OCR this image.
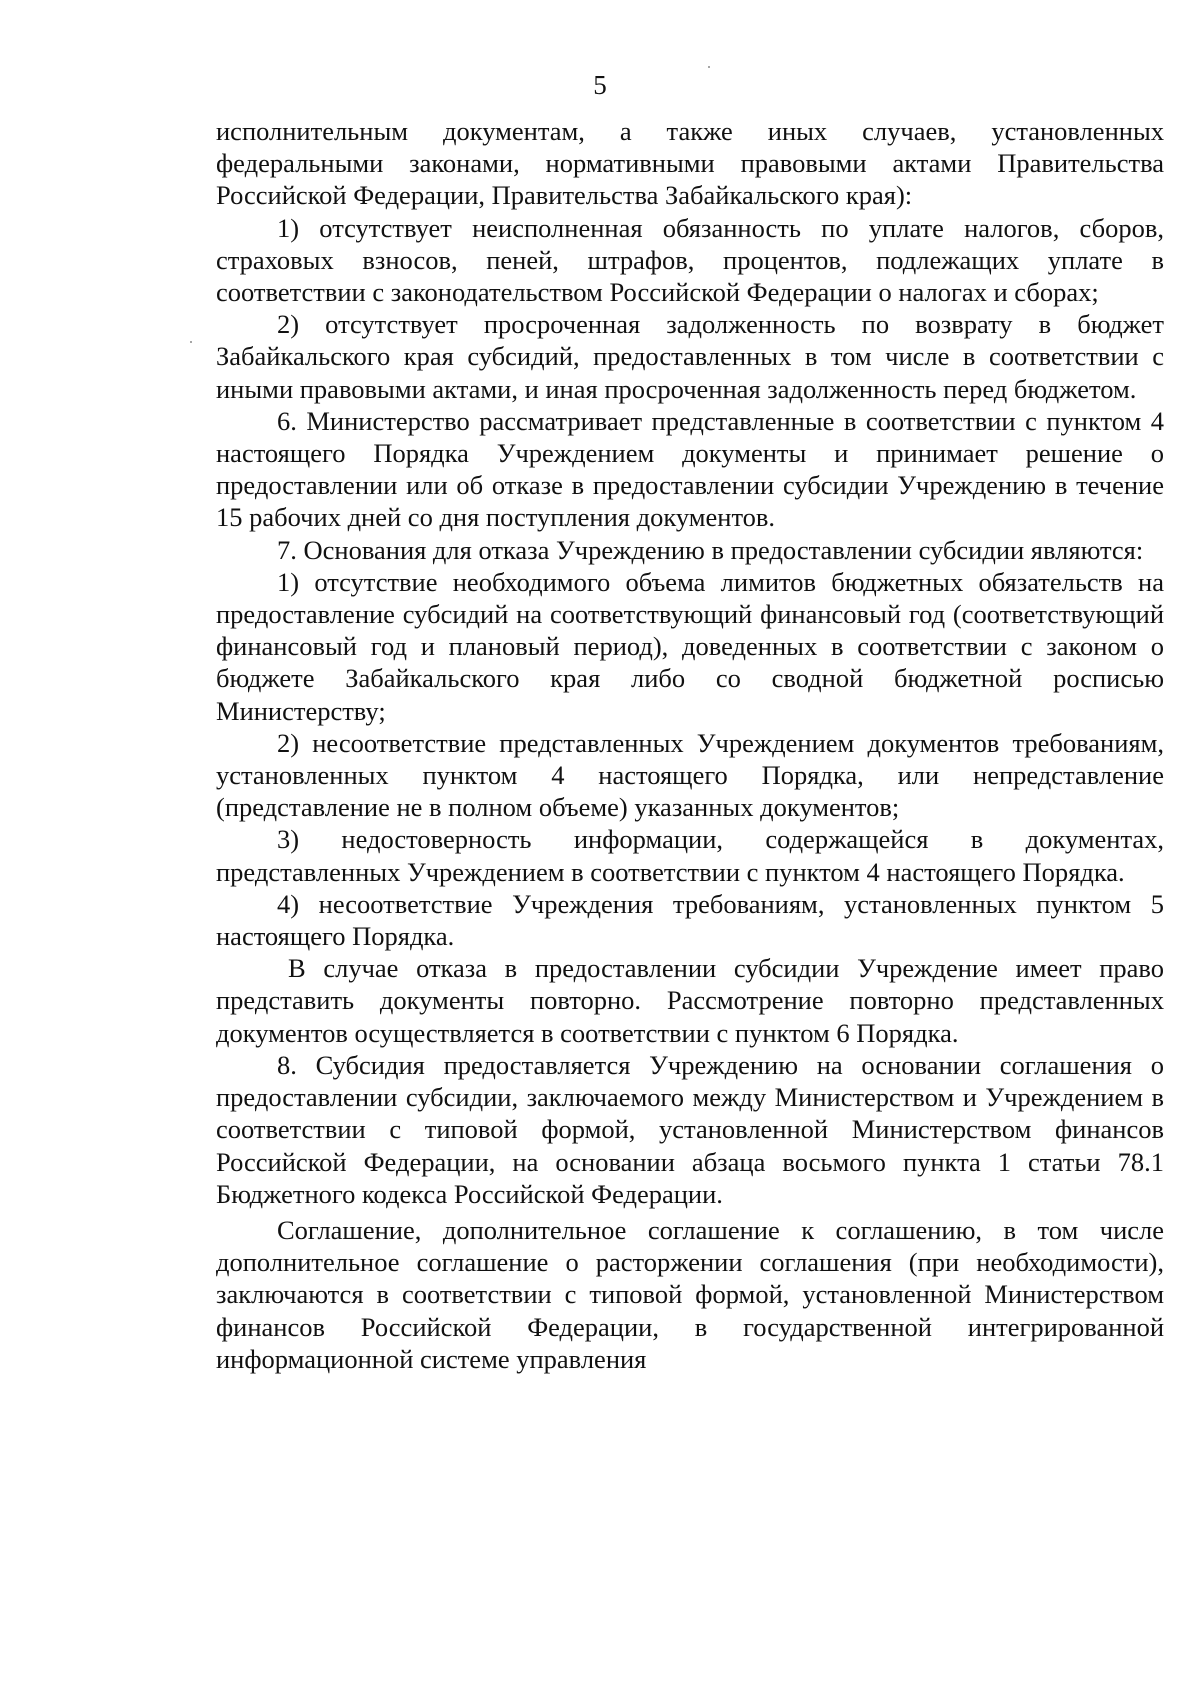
5

исполнительным документам, а также иных случаев, установленных федеральными законами, нормативными правовыми актами Правительства Российской Федерации, Правительства Забайкальского края):

1) отсутствует неисполненная обязанность по уплате налогов, сборов, страховых взносов, пеней, штрафов, процентов, подлежащих уплате в соответствии с законодательством Российской Федерации о налогах и сборах;

2) отсутствует просроченная задолженность по возврату в бюджет Забайкальского края субсидий, предоставленных в том числе в соответствии с иными правовыми актами, и иная просроченная задолженность перед бюджетом.

6. Министерство рассматривает представленные в соответствии с пунктом 4 настоящего Порядка Учреждением документы и принимает решение о предоставлении или об отказе в предоставлении субсидии Учреждению в течение 15 рабочих дней со дня поступления документов.

7. Основания для отказа Учреждению в предоставлении субсидии являются:

1) отсутствие необходимого объема лимитов бюджетных обязательств на предоставление субсидий на соответствующий финансовый год (соответствующий финансовый год и плановый период), доведенных в соответствии с законом о бюджете Забайкальского края либо со сводной бюджетной росписью Министерству;

2) несоответствие представленных Учреждением документов требованиям, установленных пунктом 4 настоящего Порядка, или непредставление (представление не в полном объеме) указанных документов;

3) недостоверность информации, содержащейся в документах, представленных Учреждением в соответствии с пунктом 4 настоящего Порядка.

4) несоответствие Учреждения требованиям, установленных пунктом 5 настоящего Порядка.

В случае отказа в предоставлении субсидии Учреждение имеет право представить документы повторно. Рассмотрение повторно представленных документов осуществляется в соответствии с пунктом 6 Порядка.

8. Субсидия предоставляется Учреждению на основании соглашения о предоставлении субсидии, заключаемого между Министерством и Учреждением в соответствии с типовой формой, установленной Министерством финансов Российской Федерации, на основании абзаца восьмого пункта 1 статьи 78.1 Бюджетного кодекса Российской Федерации.

Соглашение, дополнительное соглашение к соглашению, в том числе дополнительное соглашение о расторжении соглашения (при необходимости), заключаются в соответствии с типовой формой, установленной Министерством финансов Российской Федерации, в государственной интегрированной информационной системе управления
